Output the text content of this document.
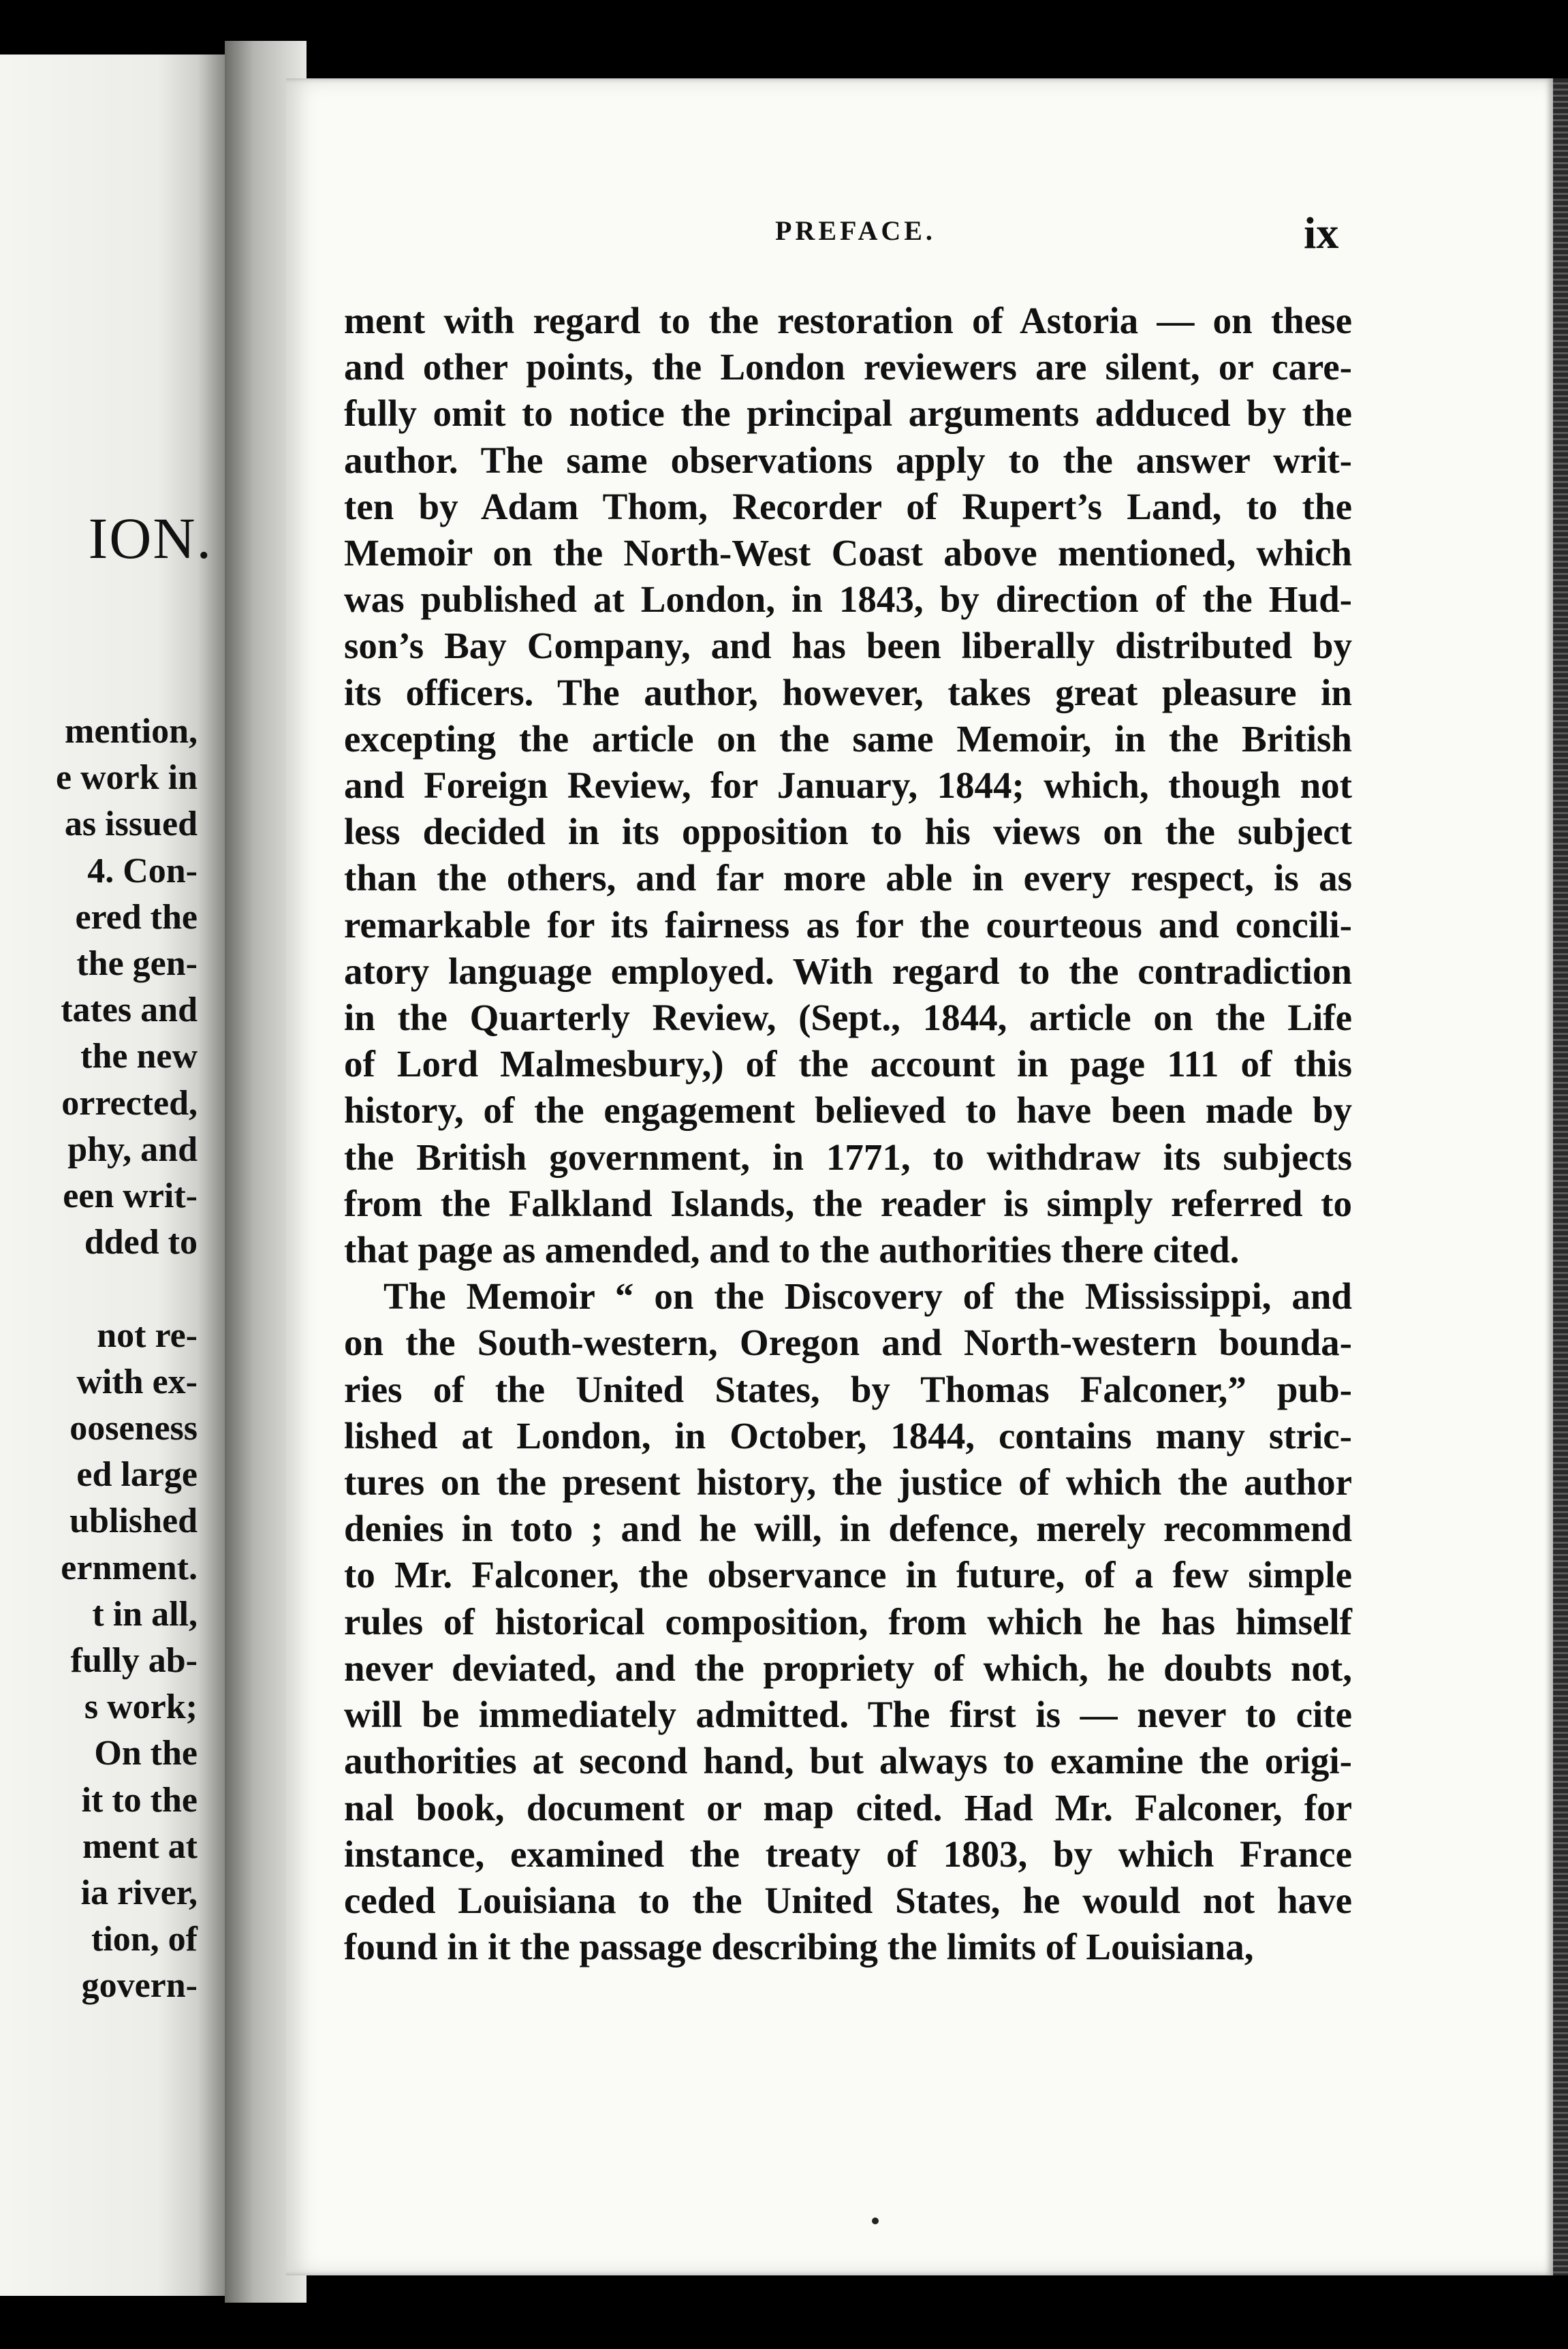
ION.
mention,
e work in
as issued
4. Con-
ered the
the gen-
tates and
the new
orrected,
phy, and
een writ-
dded to

not re-
with ex-
ooseness
ed large
ublished
ernment.
t in all,
fully ab-
s work;
On the
it to the
ment at
ia river,
tion, of
govern-
PREFACE.	ix
ment with regard to the restoration of Astoria — on these
and other points, the London reviewers are silent, or care-
fully omit to notice the principal arguments adduced by the
author. The same observations apply to the answer writ-
ten by Adam Thom, Recorder of Rupert’s Land, to the
Memoir on the North-West Coast above mentioned, which
was published at London, in 1843, by direction of the Hud-
son’s Bay Company, and has been liberally distributed by
its officers. The author, however, takes great pleasure in
excepting the article on the same Memoir, in the British
and Foreign Review, for January, 1844; which, though not
less decided in its opposition to his views on the subject
than the others, and far more able in every respect, is as
remarkable for its fairness as for the courteous and concili-
atory language employed. With regard to the contradiction
in the Quarterly Review, (Sept., 1844, article on the Life
of Lord Malmesbury,) of the account in page 111 of this
history, of the engagement believed to have been made by
the British government, in 1771, to withdraw its subjects
from the Falkland Islands, the reader is simply referred to
that page as amended, and to the authorities there cited.
The Memoir “ on the Discovery of the Mississippi, and
on the South-western, Oregon and North-western bounda-
ries of the United States, by Thomas Falconer,” pub-
lished at London, in October, 1844, contains many stric-
tures on the present history, the justice of which the author
denies in toto ; and he will, in defence, merely recommend
to Mr. Falconer, the observance in future, of a few simple
rules of historical composition, from which he has himself
never deviated, and the propriety of which, he doubts not,
will be immediately admitted. The first is — never to cite
authorities at second hand, but always to examine the origi-
nal book, document or map cited. Had Mr. Falconer, for
instance, examined the treaty of 1803, by which France
ceded Louisiana to the United States, he would not have
found in it the passage describing the limits of Louisiana,
